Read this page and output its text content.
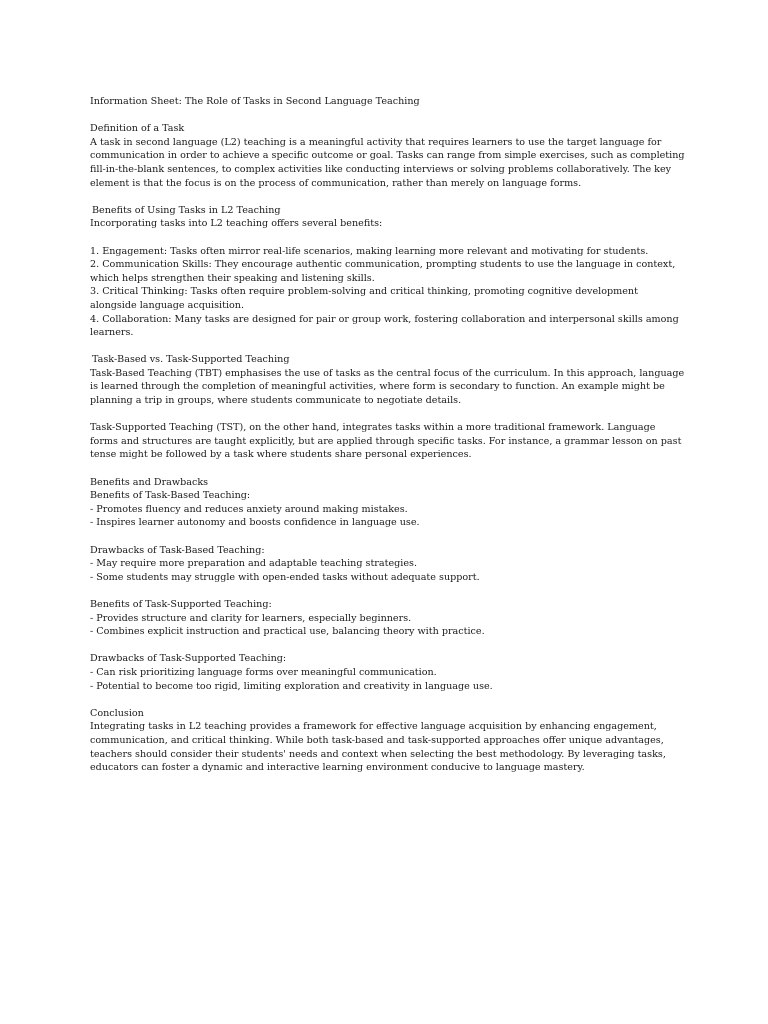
Information Sheet: The Role of Tasks in Second Language Teaching
Definition of a Task
A task in second language (L2) teaching is a meaningful activity that requires learners to use the target language for
communication in order to achieve a specific outcome or goal. Tasks can range from simple exercises, such as completing
fill-in-the-blank sentences, to complex activities like conducting interviews or solving problems collaboratively. The key
element is that the focus is on the process of communication, rather than merely on language forms.
Benefits of Using Tasks in L2 Teaching
Incorporating tasks into L2 teaching offers several benefits:
1. Engagement: Tasks often mirror real-life scenarios, making learning more relevant and motivating for students.
2. Communication Skills: They encourage authentic communication, prompting students to use the language in context,
which helps strengthen their speaking and listening skills.
3. Critical Thinking: Tasks often require problem-solving and critical thinking, promoting cognitive development
alongside language acquisition.
4. Collaboration: Many tasks are designed for pair or group work, fostering collaboration and interpersonal skills among
learners.
Task-Based vs. Task-Supported Teaching
Task-Based Teaching (TBT) emphasises the use of tasks as the central focus of the curriculum. In this approach, language
is learned through the completion of meaningful activities, where form is secondary to function. An example might be
planning a trip in groups, where students communicate to negotiate details.
Task-Supported Teaching (TST), on the other hand, integrates tasks within a more traditional framework. Language
forms and structures are taught explicitly, but are applied through specific tasks. For instance, a grammar lesson on past
tense might be followed by a task where students share personal experiences.
Benefits and Drawbacks
Benefits of Task-Based Teaching:
- Promotes fluency and reduces anxiety around making mistakes.
- Inspires learner autonomy and boosts confidence in language use.
Drawbacks of Task-Based Teaching:
- May require more preparation and adaptable teaching strategies.
- Some students may struggle with open-ended tasks without adequate support.
Benefits of Task-Supported Teaching:
- Provides structure and clarity for learners, especially beginners.
- Combines explicit instruction and practical use, balancing theory with practice.
Drawbacks of Task-Supported Teaching:
- Can risk prioritizing language forms over meaningful communication.
- Potential to become too rigid, limiting exploration and creativity in language use.
Conclusion
Integrating tasks in L2 teaching provides a framework for effective language acquisition by enhancing engagement,
communication, and critical thinking. While both task-based and task-supported approaches offer unique advantages,
teachers should consider their students' needs and context when selecting the best methodology. By leveraging tasks,
educators can foster a dynamic and interactive learning environment conducive to language mastery.
